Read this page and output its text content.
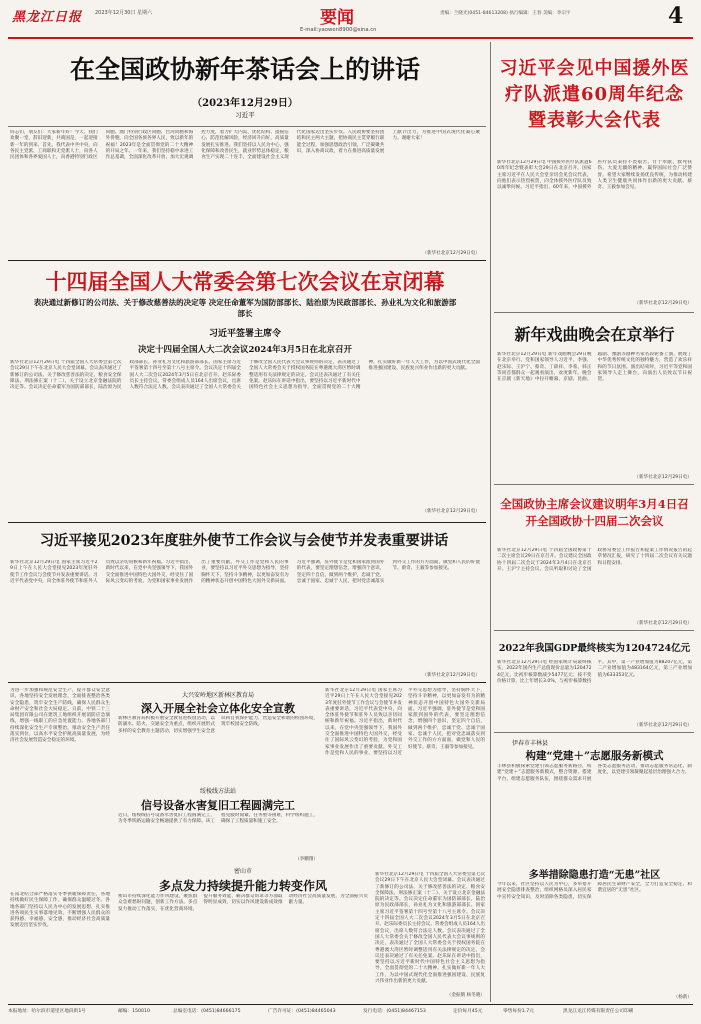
黑龙江日报	2023年12月30日 星期六	要闻
E-mail:yaowen8900@sina.cn
责编：兰晓光(0451-84613208) 执行编辑：王春 美编：李宗宇	4
在全国政协新年茶话会上的讲话
（2023年12月29日）
习近平
同志们，朋友们：大家新年好！今天，我们欢聚一堂，辞旧迎新，共商国是，一起迎接新一年的到来。首先，我代表中共中央，向各民主党派、工商联和无党派人士，向各人民团体和各界爱国人士，向香港特别行政区同胞、澳门特别行政区同胞、台湾同胞和海外侨胞，向全国各族各界人民，致以新年的祝福！2023年是全面贯彻党的二十大精神的开局之年。一年来，我们坚持稳中求进工作总基调，全面深化改革开放，加大宏观调控力度，着力扩大内需、优化结构、提振信心、防范化解风险，经济回升向好，高质量发展扎实推进。我们坚持以人民为中心，强化保障和改善民生，就业形势总体稳定，粮食生产实现二十连丰，全面建设社会主义现代化国家迈出坚实步伐。人民政协要坚持团结和民主两大主题，把协商民主贯穿履行职能全过程，加强思想政治引领，广泛凝聚共识，深入协商议政，着力在推进高质量发展上献计出力，为推进中国式现代化凝心聚力。谢谢大家！
（新华社北京12月29日电）
十四届全国人大常委会第七次会议在京闭幕
表决通过新修订的公司法、关于修改慈善法的决定等 决定任命董军为国防部部长、陆治原为民政部部长、孙业礼为文化和旅游部部长
习近平签署主席令
决定十四届全国人大二次会议2024年3月5日在北京召开
新华社北京12月29日电 十四届全国人大常委会第七次会议29日下午在北京人民大会堂闭幕。会议表决通过了新修订的公司法、关于修改慈善法的决定、粮食安全保障法、刑法修正案（十二）、关于设立北京金融法院的决定等。会议决定任命董军为国防部部长，陆治原为民政部部长，孙业礼为文化和旅游部部长。国家主席习近平签署第十四号至第十八号主席令。会议决定十四届全国人大二次会议2024年3月5日在北京召开。赵乐际委员长主持会议。常委会组成人员164人出席会议，出席人数符合法定人数。会议表决通过了全国人大常委会关于修改全国人民代表大会议事规则的决定，表决通过了全国人大常委会关于授权国务院在粤港澳大湾区暂时调整适用有关法律规定的决定。会议还表决通过了有关任免案。赵乐际在讲话中指出，要坚持以习近平新时代中国特色社会主义思想为指导，全面贯彻党的二十大精神，扎实做好新一年人大工作，为以中国式现代化全面推进强国建设、民族复兴伟业作出新的更大贡献。
（新华社北京12月29日电）
习近平接见2023年度驻外使节工作会议与会使节并发表重要讲话
新华社北京12月29日电 国家主席习近平29日上午在人民大会堂接见2023年度驻外使节工作会议与会使节并发表重要讲话。习近平代表党中央，向全体驻外使节和驻外人员致以亲切问候和新年祝福。习近平指出，新时代以来，在党中央坚强领导下，我国外交全面推进中国特色大国外交，经受住了国际风云变幻的考验，为党和国家事业发展作出了重要贡献。外交工作是党和人民的事业，要坚持以习近平外交思想为指导，坚持胸怀天下，坚持斗争精神，以更加奋发有为的精神状态开创中国特色大国外交新局面。习近平强调，驻外使节是党和国家派到国外的代表，要坚定理想信念，增强四个意识，坚定四个自信，做到两个维护，忠诚于党、忠诚于国家、忠诚于人民，把对党忠诚落实到外交工作的方方面面，做党和人民的好使节。蔡奇、王毅等参加接见。
（新华社北京12月29日电）
为进一步加强和规范安全生产，提升群众安全意识，各地坚持安全发展理念，全面排查整治各类安全隐患，筑牢安全生产防线，确保人民群众生命财产安全和社会大局稳定。日前，中铁二十三局集团有限公司在建筑工地组织开展消防应急演练，增强一线职工的应急处置能力。各地各部门持续深化安全生产专项整治，推动安全生产责任落实到位，以高水平安全护航高质量发展，为经济社会发展营造安全稳定的环境。
在南北结合部严格落实冬季供暖保障责任，各地持续做好民生保障工作，确保群众温暖过冬。各地各部门坚持以人民为中心的发展思想，扎实推进各项民生实事落地见效，不断增强人民群众的获得感、幸福感、安全感，推动经济社会高质量发展迈出坚实步伐。
大兴安岭地区新林区教育局
深入开展全社会立体化安全宣教
新林区教育局积极开展安全教育进校园活动，以防溺水、防火、交通安全为重点，组织开展形式多样的安全教育主题活动，切实增强学生安全意识和自我保护能力，营造安全和谐的校园环境，筑牢校园安全防线。
绥棱线方法站
信号设备水害复旧工程圆满完工
近日，绥棱线信号设备水害复旧工程圆满完工，为冬季铁路运输安全畅通提供了有力保障。该工程克服时间紧、任务重等困难，科学组织施工，确保了工程质量和施工安全。
（李鹏翔）
密山市
多点发力持续提升能力转变作风
密山市持续深化能力作风建设，聚焦群众急难愁盼问题，创新工作方法，多点发力推动工作落实，在优化营商环境、提升服务效能、解决群众诉求等方面取得明显成效，切实以作风建设新成效推动经济社会高质量发展，为全面振兴贡献力量。
新华社北京12月29日电 国家主席习近平29日上午在人民大会堂接见2023年度驻外使节工作会议与会使节并发表重要讲话。习近平代表党中央，向全体驻外使节和驻外人员致以亲切问候和新年祝福。习近平指出，新时代以来，在党中央坚强领导下，我国外交全面推进中国特色大国外交，经受住了国际风云变幻的考验，为党和国家事业发展作出了重要贡献。外交工作是党和人民的事业，要坚持以习近平外交思想为指导，坚持胸怀天下，坚持斗争精神，以更加奋发有为的精神状态开创中国特色大国外交新局面。习近平强调，驻外使节是党和国家派到国外的代表，要坚定理想信念，增强四个意识，坚定四个自信，做到两个维护，忠诚于党、忠诚于国家、忠诚于人民，把对党忠诚落实到外交工作的方方面面，做党和人民的好使节。蔡奇、王毅等参加接见。
新华社北京12月29日电 十四届全国人大常委会第七次会议29日下午在北京人民大会堂闭幕。会议表决通过了新修订的公司法、关于修改慈善法的决定、粮食安全保障法、刑法修正案（十二）、关于设立北京金融法院的决定等。会议决定任命董军为国防部部长，陆治原为民政部部长，孙业礼为文化和旅游部部长。国家主席习近平签署第十四号至第十八号主席令。会议决定十四届全国人大二次会议2024年3月5日在北京召开。赵乐际委员长主持会议。常委会组成人员164人出席会议，出席人数符合法定人数。会议表决通过了全国人大常委会关于修改全国人民代表大会议事规则的决定，表决通过了全国人大常委会关于授权国务院在粤港澳大湾区暂时调整适用有关法律规定的决定。会议还表决通过了有关任免案。赵乐际在讲话中指出，要坚持以习近平新时代中国特色社会主义思想为指导，全面贯彻党的二十大精神，扎实做好新一年人大工作，为以中国式现代化全面推进强国建设、民族复兴伟业作出新的更大贡献。
（金振鹤 杨冬晓）
习近平会见中国援外医疗队派遣60周年纪念暨表彰大会代表
新华社北京12月29日电 中国援外医疗队派遣60周年纪念暨表彰大会29日在北京召开。国家主席习近平在人民大会堂亲切会见会议代表，向他们表示热烈祝贺，向全体援外医疗队员致以诚挚问候。习近平指出，60年来，中国援外医疗队员秉持不畏艰苦、甘于奉献、救死扶伤、大爱无疆的精神，赢得国际社会广泛赞誉。希望大家继续发扬优良传统，为推动构建人类卫生健康共同体作出新的更大贡献。蔡奇、王毅参加会见。
（新华社北京12月29日电）
新年戏曲晚会在京举行
新华社北京12月29日电 新年戏曲晚会29日晚在北京举行。党和国家领导人习近平、李强、赵乐际、王沪宁、蔡奇、丁薛祥、李希、韩正等同首都群众一起观看演出，欢度新年。晚会在京剧《新天地》中拉开帷幕，京剧、昆曲、越剧、豫剧等剧种名家名段轮番上演，展现了中华优秀传统文化的独特魅力，营造了欢乐祥和的节日氛围。演出结束时，习近平等党和国家领导人走上舞台，向演出人员致以节日祝贺。
（新华社北京12月29日电）
全国政协主席会议建议明年3月4日召开全国政协十四届二次会议
新华社北京12月29日电 十四届全国政协第十二次主席会议29日在京召开。会议建议全国政协十四届二次会议于2024年3月4日在北京召开。王沪宁主持会议。会议听取和讨论了全国政协常委会工作报告和提案工作情况报告的起草情况汇报，研究了十四届二次会议有关议题和日程安排。
（新华社北京12月29日电）
2022年我国GDP最终核实为1204724亿元
新华社北京12月29日电 经国家统计局最终核实，2022年国内生产总值现价总量为1204724亿元，比初步核算数减少5477亿元；按不变价格计算，比上年增长3.0%，与初步核算数持平。其中，第一产业增加值为88207亿元，第二产业增加值为483164亿元，第三产业增加值为633353亿元。
（新华社北京12月29日电）
伊春市丰林县
构建“党建＋”志愿服务新模式
丰林县积极探索党建引领志愿服务新路径，构建“党建＋”志愿服务新模式，整合资源，搭建平台，组建志愿服务队伍，围绕群众需求开展各类志愿服务活动，推动志愿服务常态化、制度化，以党建引领凝聚起基层治理强大合力。
多举措除隐患打造“无患”社区
今年以来，社区坚持以人民为中心，多举措开展安全隐患排查整治，组织网格员深入居民家中宣传安全知识，及时消除各类隐患，切实保障居民生命财产安全，全力打造安全稳定、和谐宜居的“无患”社区。
（杨新）
本报地址：哈尔滨市道里区地段街1号	邮编：150010	总编室电话：(0451)84666175	广告许可证：(0451)84465043	发行电话：(0451)84467153	定价每月45元	零售每份1.7元	黑龙江龙江传媒有限责任公司印刷
